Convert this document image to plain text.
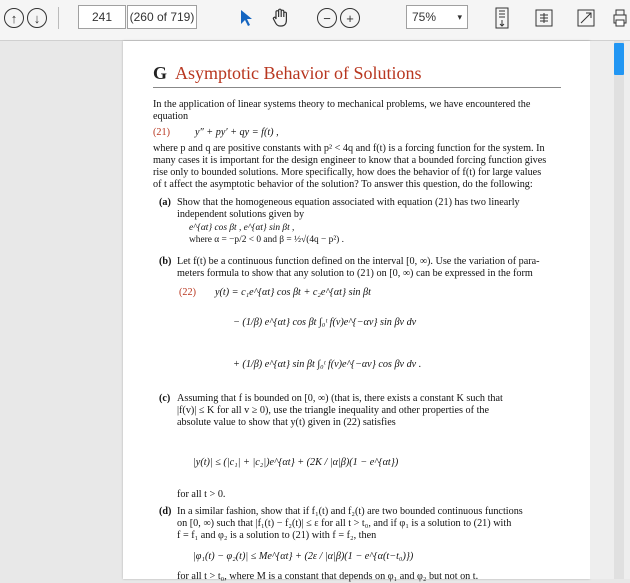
↑	↓	241 (260 of 719)	−	+	75% ▾
G Asymptotic Behavior of Solutions
In the application of linear systems theory to mechanical problems, we have encountered the
equation
(21) y″ + py′ + qy = f(t) ,
where p and q are positive constants with p² < 4q and f(t) is a forcing function for the system. In
many cases it is important for the design engineer to know that a bounded forcing function gives
rise only to bounded solutions. More specifically, how does the behavior of f(t) for large values
of t affect the asymptotic behavior of the solution? To answer this question, do the following:
(a) Show that the homogeneous equation associated with equation (21) has two linearly
independent solutions given by
e^{αt} cos βt , e^{αt} sin βt ,
where α = −p/2 < 0 and β = ½√(4q − p²) .
(b) Let f(t) be a continuous function defined on the interval [0, ∞). Use the variation of para-
meters formula to show that any solution to (21) on [0, ∞) can be expressed in the form
(22) y(t) = c₁e^{αt} cos βt + c₂e^{αt} sin βt
− (1/β) e^{αt} cos βt ∫₀ᵗ f(v)e^{−αv} sin βv dv
+ (1/β) e^{αt} sin βt ∫₀ᵗ f(v)e^{−αv} cos βv dv .
(c) Assuming that f is bounded on [0, ∞) (that is, there exists a constant K such that
|f(v)| ≤ K for all v ≥ 0), use the triangle inequality and other properties of the
absolute value to show that y(t) given in (22) satisfies
|y(t)| ≤ (|c₁| + |c₂|)e^{αt} + (2K / |α|β)(1 − e^{αt})
for all t > 0.
(d) In a similar fashion, show that if f₁(t) and f₂(t) are two bounded continuous functions
on [0, ∞) such that |f₁(t) − f₂(t)| ≤ ε for all t > t₀, and if φ₁ is a solution to (21) with
f = f₁ and φ₂ is a solution to (21) with f = f₂, then
|φ₁(t) − φ₂(t)| ≤ Me^{αt} + (2ε / |α|β)(1 − e^{α(t−t₀)})
for all t > t₀, where M is a constant that depends on φ₁ and φ₂ but not on t.
